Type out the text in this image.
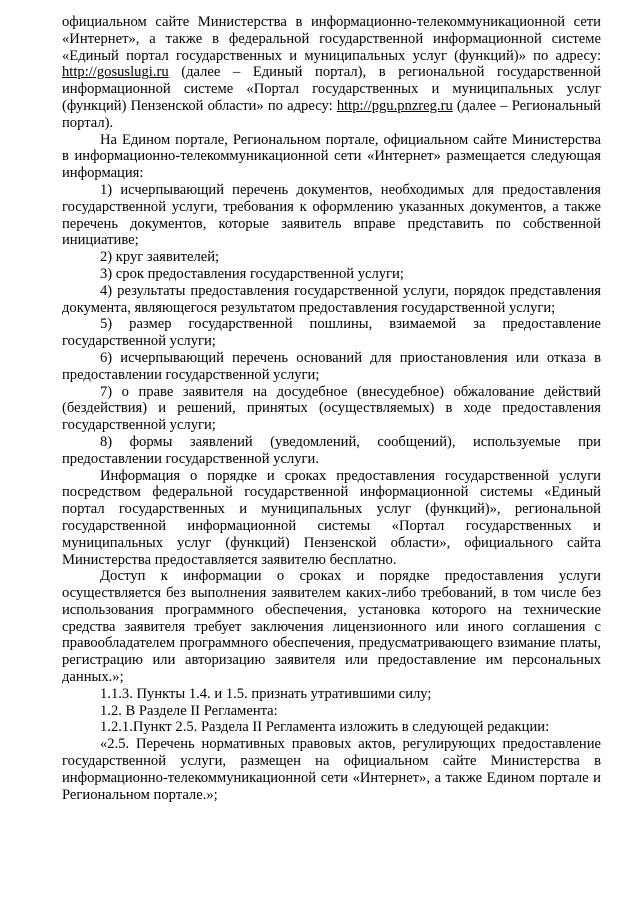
официальном сайте Министерства в информационно-телекоммуникационной сети «Интернет», а также в федеральной государственной информационной системе «Единый портал государственных и муниципальных услуг (функций)» по адресу: http://gosuslugi.ru (далее – Единый портал), в региональной государственной информационной системе «Портал государственных и муниципальных услуг (функций) Пензенской области» по адресу: http://pgu.pnzreg.ru (далее – Региональный портал).

На Едином портале, Региональном портале, официальном сайте Министерства в информационно-телекоммуникационной сети «Интернет» размещается следующая информация:

1) исчерпывающий перечень документов, необходимых для предоставления государственной услуги, требования к оформлению указанных документов, а также перечень документов, которые заявитель вправе представить по собственной инициативе;

2) круг заявителей;

3) срок предоставления государственной услуги;

4) результаты предоставления государственной услуги, порядок представления документа, являющегося результатом предоставления государственной услуги;

5) размер государственной пошлины, взимаемой за предоставление государственной услуги;

6) исчерпывающий перечень оснований для приостановления или отказа в предоставлении государственной услуги;

7) о праве заявителя на досудебное (внесудебное) обжалование действий (бездействия) и решений, принятых (осуществляемых) в ходе предоставления государственной услуги;

8) формы заявлений (уведомлений, сообщений), используемые при предоставлении государственной услуги.

Информация о порядке и сроках предоставления государственной услуги посредством федеральной государственной информационной системы «Единый портал государственных и муниципальных услуг (функций)», региональной государственной информационной системы «Портал государственных и муниципальных услуг (функций) Пензенской области», официального сайта Министерства предоставляется заявителю бесплатно.

Доступ к информации о сроках и порядке предоставления услуги осуществляется без выполнения заявителем каких-либо требований, в том числе без использования программного обеспечения, установка которого на технические средства заявителя требует заключения лицензионного или иного соглашения с правообладателем программного обеспечения, предусматривающего взимание платы, регистрацию или авторизацию заявителя или предоставление им персональных данных.»;

1.1.3. Пункты 1.4. и 1.5. признать утратившими силу;

1.2. В Разделе II Регламента:

1.2.1.Пункт 2.5. Раздела II Регламента изложить в следующей редакции:

«2.5. Перечень нормативных правовых актов, регулирующих предоставление государственной услуги, размещен на официальном сайте Министерства в информационно-телекоммуникационной сети «Интернет», а также Едином портале и Региональном портале.»;
